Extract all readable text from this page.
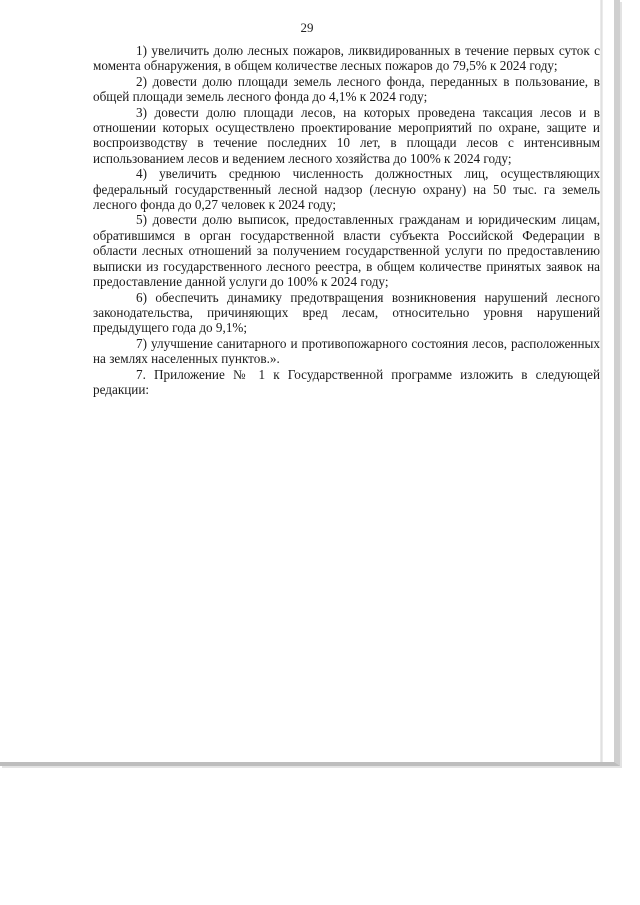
29

1) увеличить долю лесных пожаров, ликвидированных в течение первых суток с момента обнаружения, в общем количестве лесных пожаров до 79,5% к 2024 году;

2) довести долю площади земель лесного фонда, переданных в пользование, в общей площади земель лесного фонда до 4,1% к 2024 году;

3) довести долю площади лесов, на которых проведена таксация лесов и в отношении которых осуществлено проектирование мероприятий по охране, защите и воспроизводству в течение последних 10 лет, в площади лесов с интенсивным использованием лесов и ведением лесного хозяйства до 100% к 2024 году;

4) увеличить среднюю численность должностных лиц, осуществляющих федеральный государственный лесной надзор (лесную охрану) на 50 тыс. га земель лесного фонда до 0,27 человек к 2024 году;

5) довести долю выписок, предоставленных гражданам и юридическим лицам, обратившимся в орган государственной власти субъекта Российской Федерации в области лесных отношений за получением государственной услуги по предоставлению выписки из государственного лесного реестра, в общем количестве принятых заявок на предоставление данной услуги до 100% к 2024 году;

6) обеспечить динамику предотвращения возникновения нарушений лесного законодательства, причиняющих вред лесам, относительно уровня нарушений предыдущего года до 9,1%;

7) улучшение санитарного и противопожарного состояния лесов, расположенных на землях населенных пунктов.».

7. Приложение № 1 к Государственной программе изложить в следующей редакции:
